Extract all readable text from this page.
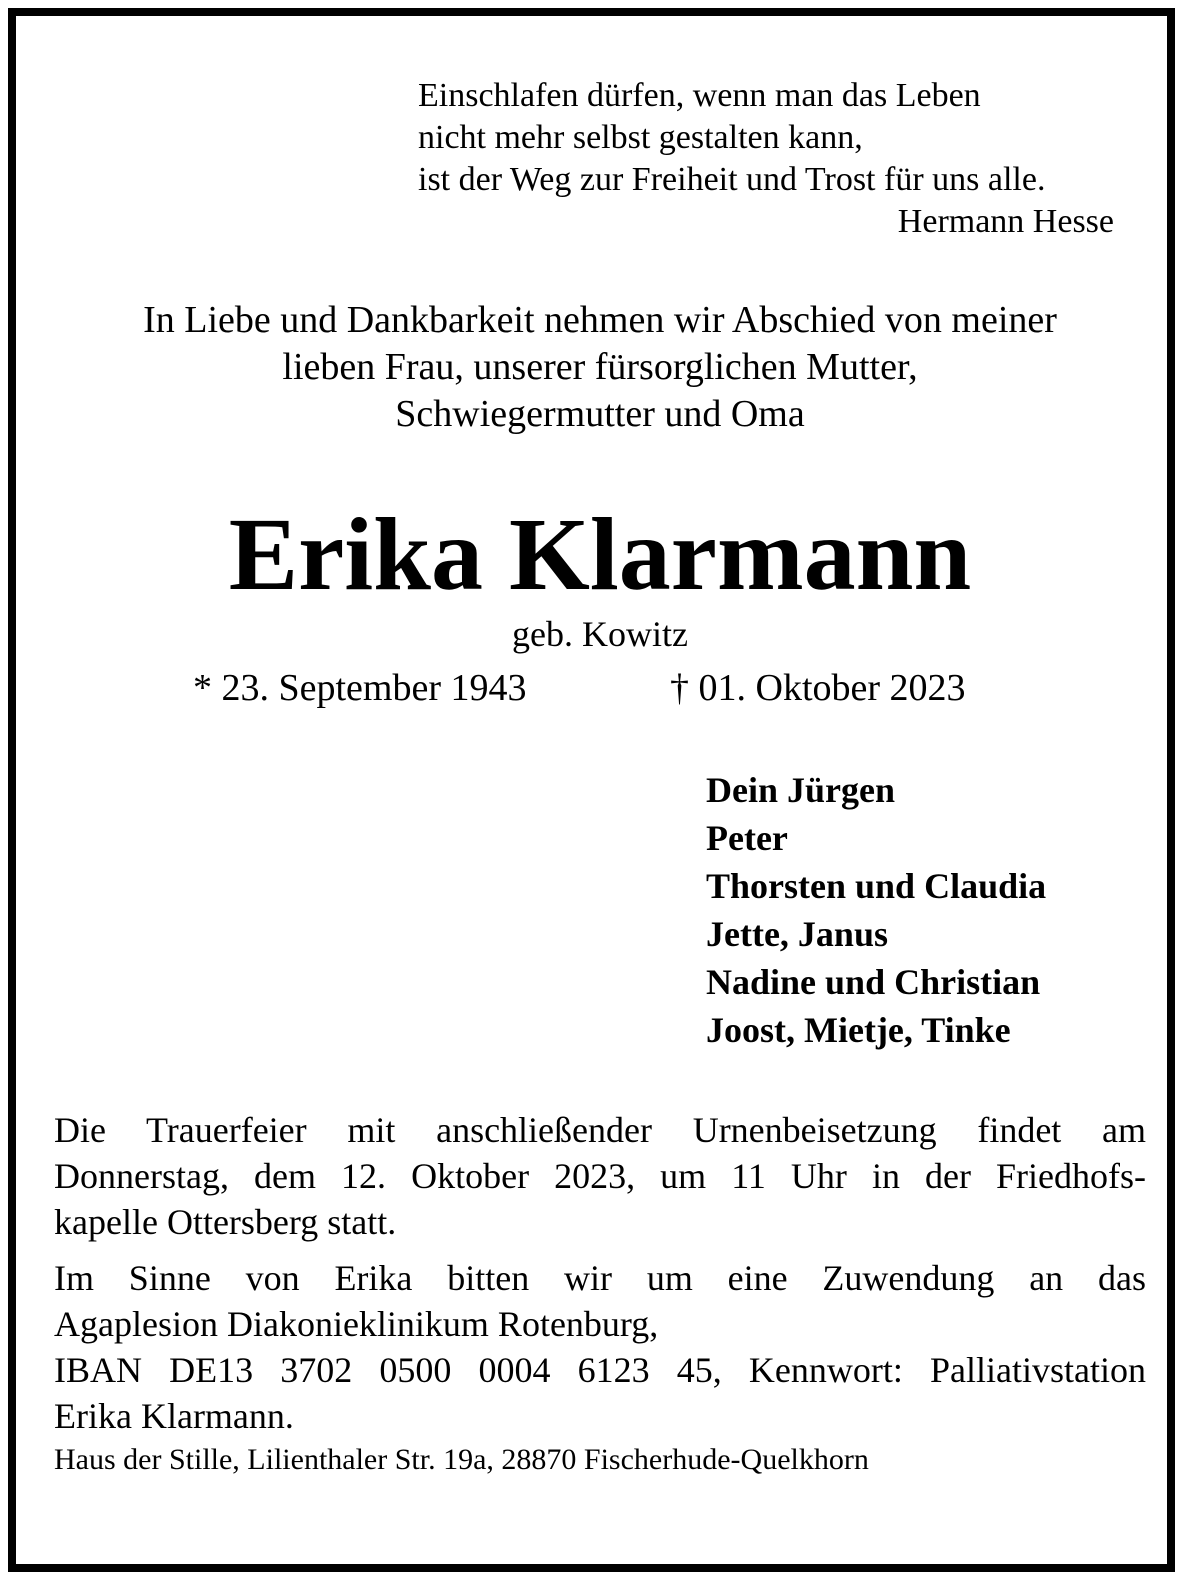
Einschlafen dürfen, wenn man das Leben
nicht mehr selbst gestalten kann,
ist der Weg zur Freiheit und Trost für uns alle.
Hermann Hesse
In Liebe und Dankbarkeit nehmen wir Abschied von meiner
lieben Frau, unserer fürsorglichen Mutter,
Schwiegermutter und Oma
Erika Klarmann
geb. Kowitz
* 23. September 1943	† 01. Oktober 2023
Dein Jürgen
Peter
Thorsten und Claudia
Jette, Janus
Nadine und Christian
Joost, Mietje, Tinke
Die Trauerfeier mit anschließender Urnenbeisetzung findet am
Donnerstag, dem 12. Oktober 2023, um 11 Uhr in der Friedhofs-
kapelle Ottersberg statt.
Im Sinne von Erika bitten wir um eine Zuwendung an das
Agaplesion Diakonieklinikum Rotenburg,
IBAN DE13 3702 0500 0004 6123 45, Kennwort: Palliativstation
Erika Klarmann.
Haus der Stille, Lilienthaler Str. 19a, 28870 Fischerhude-Quelkhorn
